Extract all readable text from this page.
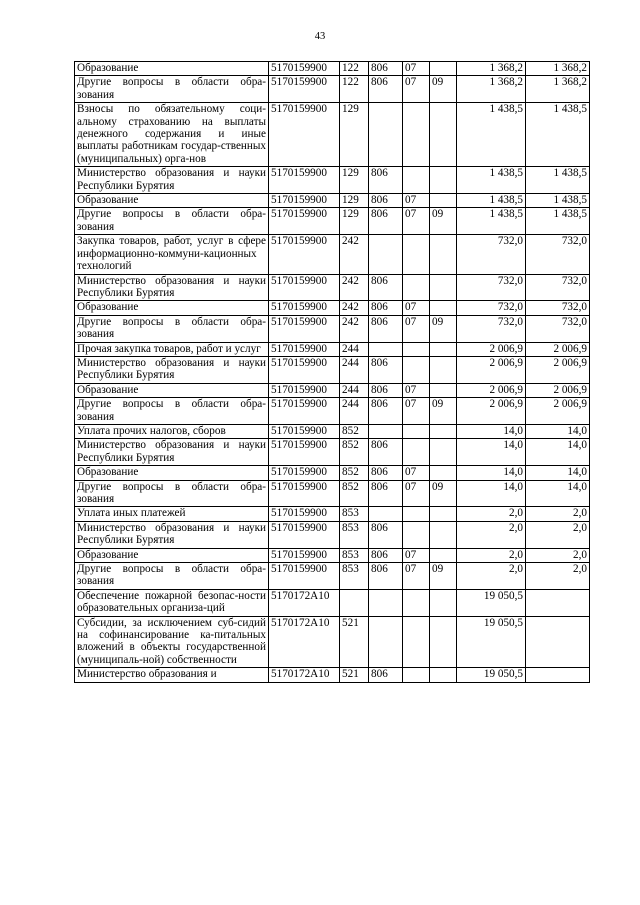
43
Образование	5170159900	122	806	07		1 368,2	1 368,2
Другие вопросы в области обра-зования	5170159900	122	806	07	09	1 368,2	1 368,2
Взносы по обязательному соци-альному страхованию на выплаты денежного содержания и иные выплаты работникам государ-ственных (муниципальных) орга-нов	5170159900	129				1 438,5	1 438,5
Министерство образования и науки Республики Бурятия	5170159900	129	806			1 438,5	1 438,5
Образование	5170159900	129	806	07		1 438,5	1 438,5
Другие вопросы в области обра-зования	5170159900	129	806	07	09	1 438,5	1 438,5
Закупка товаров, работ, услуг в сфере информационно-коммуни-кационных технологий	5170159900	242				732,0	732,0
Министерство образования и науки Республики Бурятия	5170159900	242	806			732,0	732,0
Образование	5170159900	242	806	07		732,0	732,0
Другие вопросы в области обра-зования	5170159900	242	806	07	09	732,0	732,0
Прочая закупка товаров, работ и услуг	5170159900	244				2 006,9	2 006,9
Министерство образования и науки Республики Бурятия	5170159900	244	806			2 006,9	2 006,9
Образование	5170159900	244	806	07		2 006,9	2 006,9
Другие вопросы в области обра-зования	5170159900	244	806	07	09	2 006,9	2 006,9
Уплата прочих налогов, сборов	5170159900	852				14,0	14,0
Министерство образования и науки Республики Бурятия	5170159900	852	806			14,0	14,0
Образование	5170159900	852	806	07		14,0	14,0
Другие вопросы в области обра-зования	5170159900	852	806	07	09	14,0	14,0
Уплата иных платежей	5170159900	853				2,0	2,0
Министерство образования и науки Республики Бурятия	5170159900	853	806			2,0	2,0
Образование	5170159900	853	806	07		2,0	2,0
Другие вопросы в области обра-зования	5170159900	853	806	07	09	2,0	2,0
Обеспечение пожарной безопас-ности образовательных организа-ций	5170172А10					19 050,5	
Субсидии, за исключением суб-сидий на софинансирование ка-питальных вложений в объекты государственной (муниципаль-ной) собственности	5170172А10	521				19 050,5	
Министерство образования и	5170172А10	521	806			19 050,5	
